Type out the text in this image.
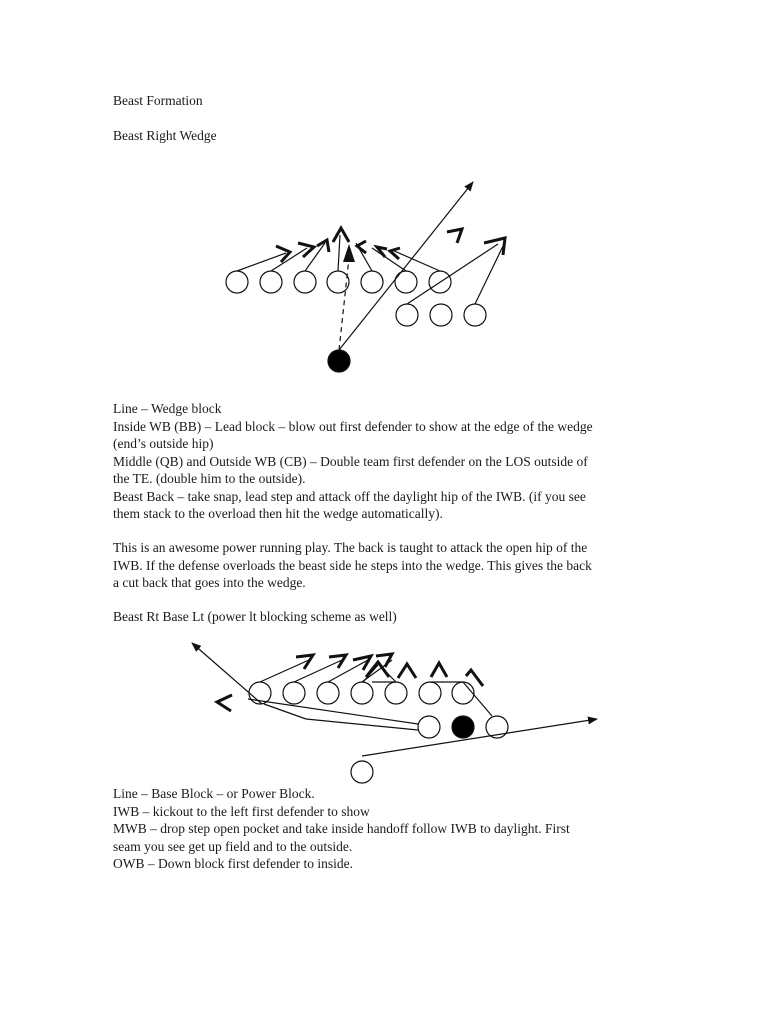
Beast Formation
Beast Right Wedge
Line – Wedge block
Inside WB (BB) – Lead block – blow out first defender to show at the edge of the wedge
(end’s outside hip)
Middle (QB) and Outside WB (CB) – Double team first defender on the LOS outside of
the TE. (double him to the outside).
Beast Back – take snap, lead step and attack off the daylight hip of the IWB. (if you see
them stack to the overload then hit the wedge automatically).
This is an awesome power running play. The back is taught to attack the open hip of the
IWB. If the defense overloads the beast side he steps into the wedge. This gives the back
a cut back that goes into the wedge.
Beast Rt Base Lt (power lt blocking scheme as well)
Line – Base Block – or Power Block.
IWB – kickout to the left first defender to show
MWB – drop step open pocket and take inside handoff follow IWB to daylight. First
seam you see get up field and to the outside.
OWB – Down block first defender to inside.
